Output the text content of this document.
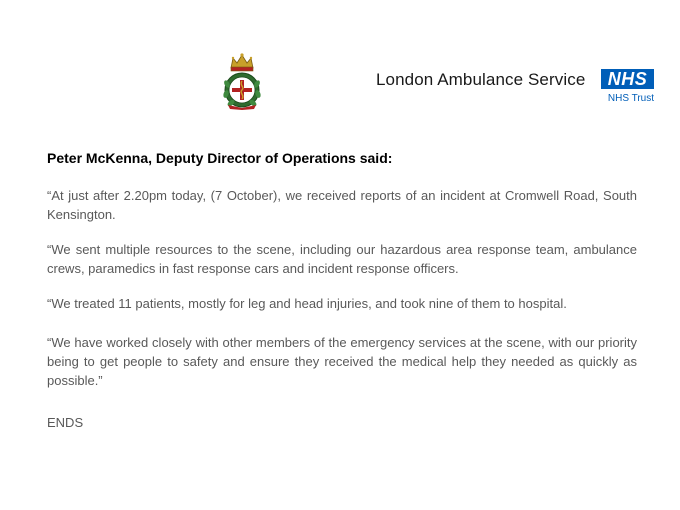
London Ambulance Service	NHS
NHS Trust
Peter McKenna, Deputy Director of Operations said:
“At just after 2.20pm today, (7 October), we received reports of an incident at Cromwell Road, South Kensington.
“We sent multiple resources to the scene, including our hazardous area response team, ambulance crews, paramedics in fast response cars and incident response officers.
“We treated 11 patients, mostly for leg and head injuries, and took nine of them to hospital.
“We have worked closely with other members of the emergency services at the scene, with our priority being to get people to safety and ensure they received the medical help they needed as quickly as possible.”
ENDS
